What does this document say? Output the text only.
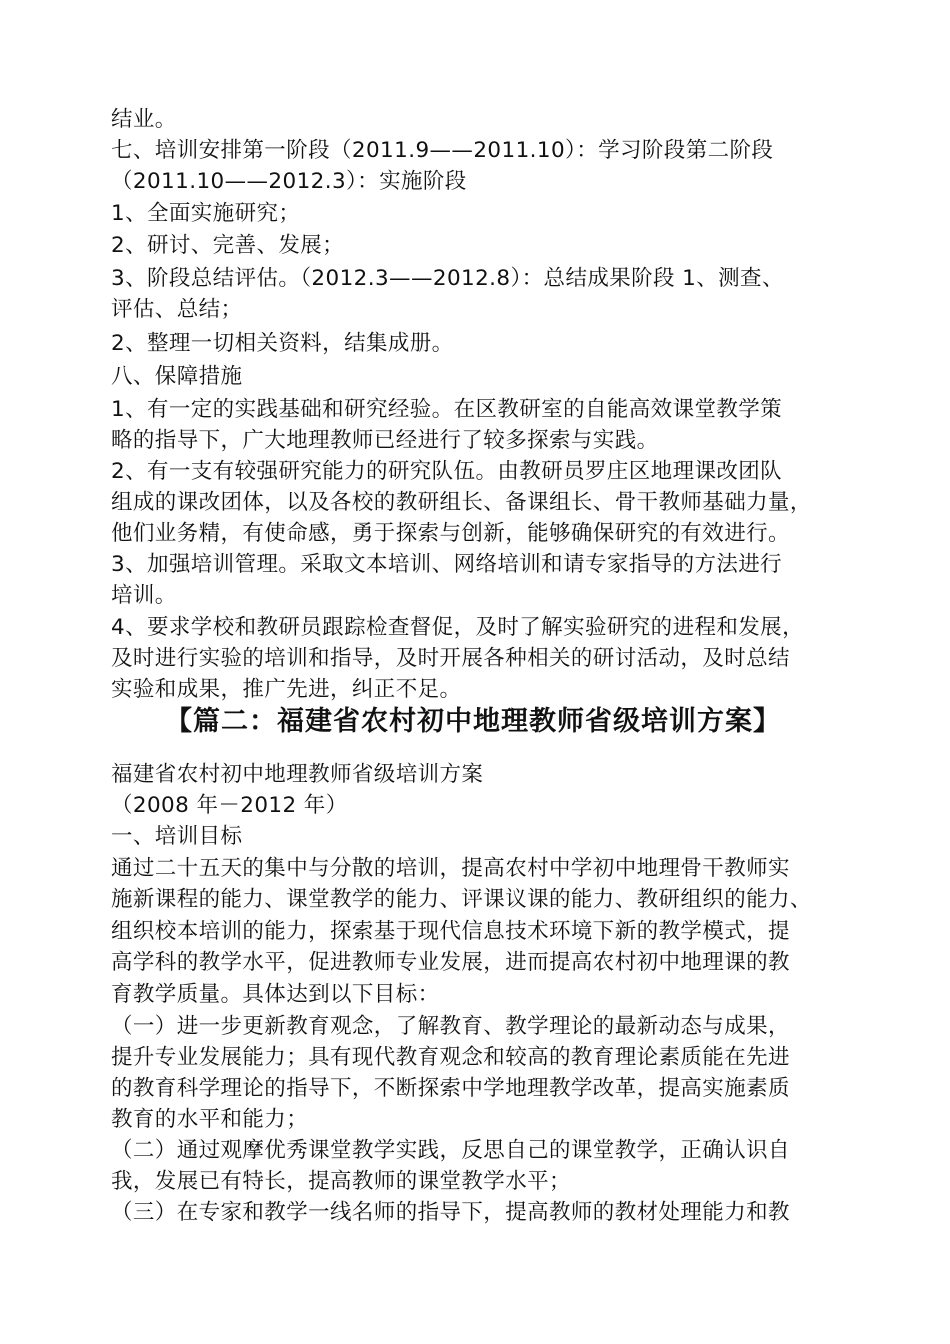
结业。

七、培训安排第一阶段（2011.9——2011.10）：学习阶段第二阶段

（2011.10——2012.3）：实施阶段

1、全面实施研究；

2、研讨、完善、发展；

3、阶段总结评估。（2012.3——2012.8）：总结成果阶段 1、测查、

评估、总结；

2、整理一切相关资料，结集成册。

八、保障措施

1、有一定的实践基础和研究经验。在区教研室的自能高效课堂教学策

略的指导下，广大地理教师已经进行了较多探索与实践。

2、有一支有较强研究能力的研究队伍。由教研员罗庄区地理课改团队

组成的课改团体，以及各校的教研组长、备课组长、骨干教师基础力量，

他们业务精，有使命感，勇于探索与创新，能够确保研究的有效进行。

3、加强培训管理。采取文本培训、网络培训和请专家指导的方法进行

培训。

4、要求学校和教研员跟踪检查督促，及时了解实验研究的进程和发展，

及时进行实验的培训和指导，及时开展各种相关的研讨活动，及时总结

实验和成果，推广先进，纠正不足。

【篇二：福建省农村初中地理教师省级培训方案】

福建省农村初中地理教师省级培训方案

（2008 年－2012 年）

一、培训目标

通过二十五天的集中与分散的培训，提高农村中学初中地理骨干教师实

施新课程的能力、课堂教学的能力、评课议课的能力、教研组织的能力、

组织校本培训的能力，探索基于现代信息技术环境下新的教学模式，提

高学科的教学水平，促进教师专业发展，进而提高农村初中地理课的教

育教学质量。具体达到以下目标：

（一）进一步更新教育观念，了解教育、教学理论的最新动态与成果，

提升专业发展能力；具有现代教育观念和较高的教育理论素质能在先进

的教育科学理论的指导下，不断探索中学地理教学改革，提高实施素质

教育的水平和能力；

（二）通过观摩优秀课堂教学实践，反思自己的课堂教学，正确认识自

我，发展已有特长，提高教师的课堂教学水平；

（三）在专家和教学一线名师的指导下，提高教师的教材处理能力和教
